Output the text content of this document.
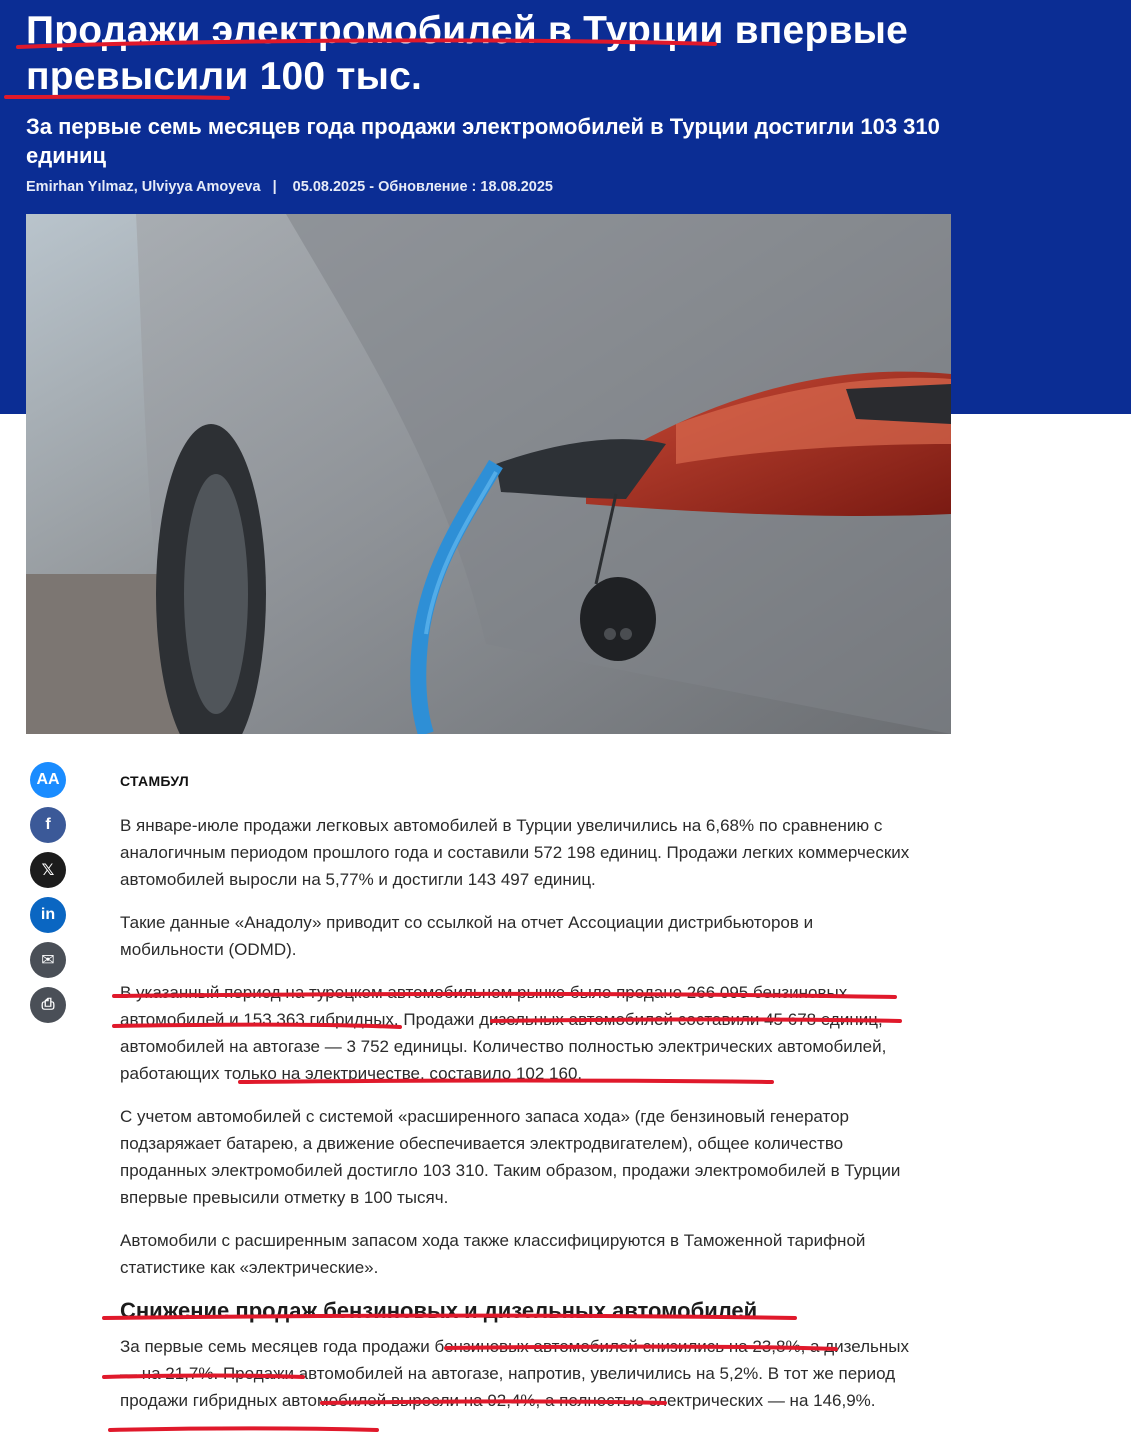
Продажи электромобилей в Турции впервые превысили 100 тыс.
За первые семь месяцев года продажи электромобилей в Турции достигли 103 310 единиц
Emirhan Yılmaz, Ulviyya Amoyeva | 05.08.2025 - Обновление : 18.08.2025
AA
f
𝕏
in
✉
⎙
СТАМБУЛ

В январе-июле продажи легковых автомобилей в Турции увеличились на 6,68% по сравнению с аналогичным периодом прошлого года и составили 572 198 единиц. Продажи легких коммерческих автомобилей выросли на 5,77% и достигли 143 497 единиц.

Такие данные «Анадолу» приводит со ссылкой на отчет Ассоциации дистрибьюторов и мобильности (ODMD).

В указанный период на турецком автомобильном рынке было продано 266 095 бензиновых автомобилей и 153 363 гибридных. Продажи дизельных автомобилей составили 45 678 единиц, автомобилей на автогазе — 3 752 единицы. Количество полностью электрических автомобилей, работающих только на электричестве, составило 102 160.

С учетом автомобилей с системой «расширенного запаса хода» (где бензиновый генератор подзаряжает батарею, а движение обеспечивается электродвигателем), общее количество проданных электромобилей достигло 103 310. Таким образом, продажи электромобилей в Турции впервые превысили отметку в 100 тысяч.

Автомобили с расширенным запасом хода также классифицируются в Таможенной тарифной статистике как «электрические».

Снижение продаж бензиновых и дизельных автомобилей

За первые семь месяцев года продажи бензиновых автомобилей снизились на 23,8%, а дизельных — на 21,7%. Продажи автомобилей на автогазе, напротив, увеличились на 5,2%. В тот же период продажи гибридных автомобилей выросли на 92,4%, а полностью электрических — на 146,9%.
